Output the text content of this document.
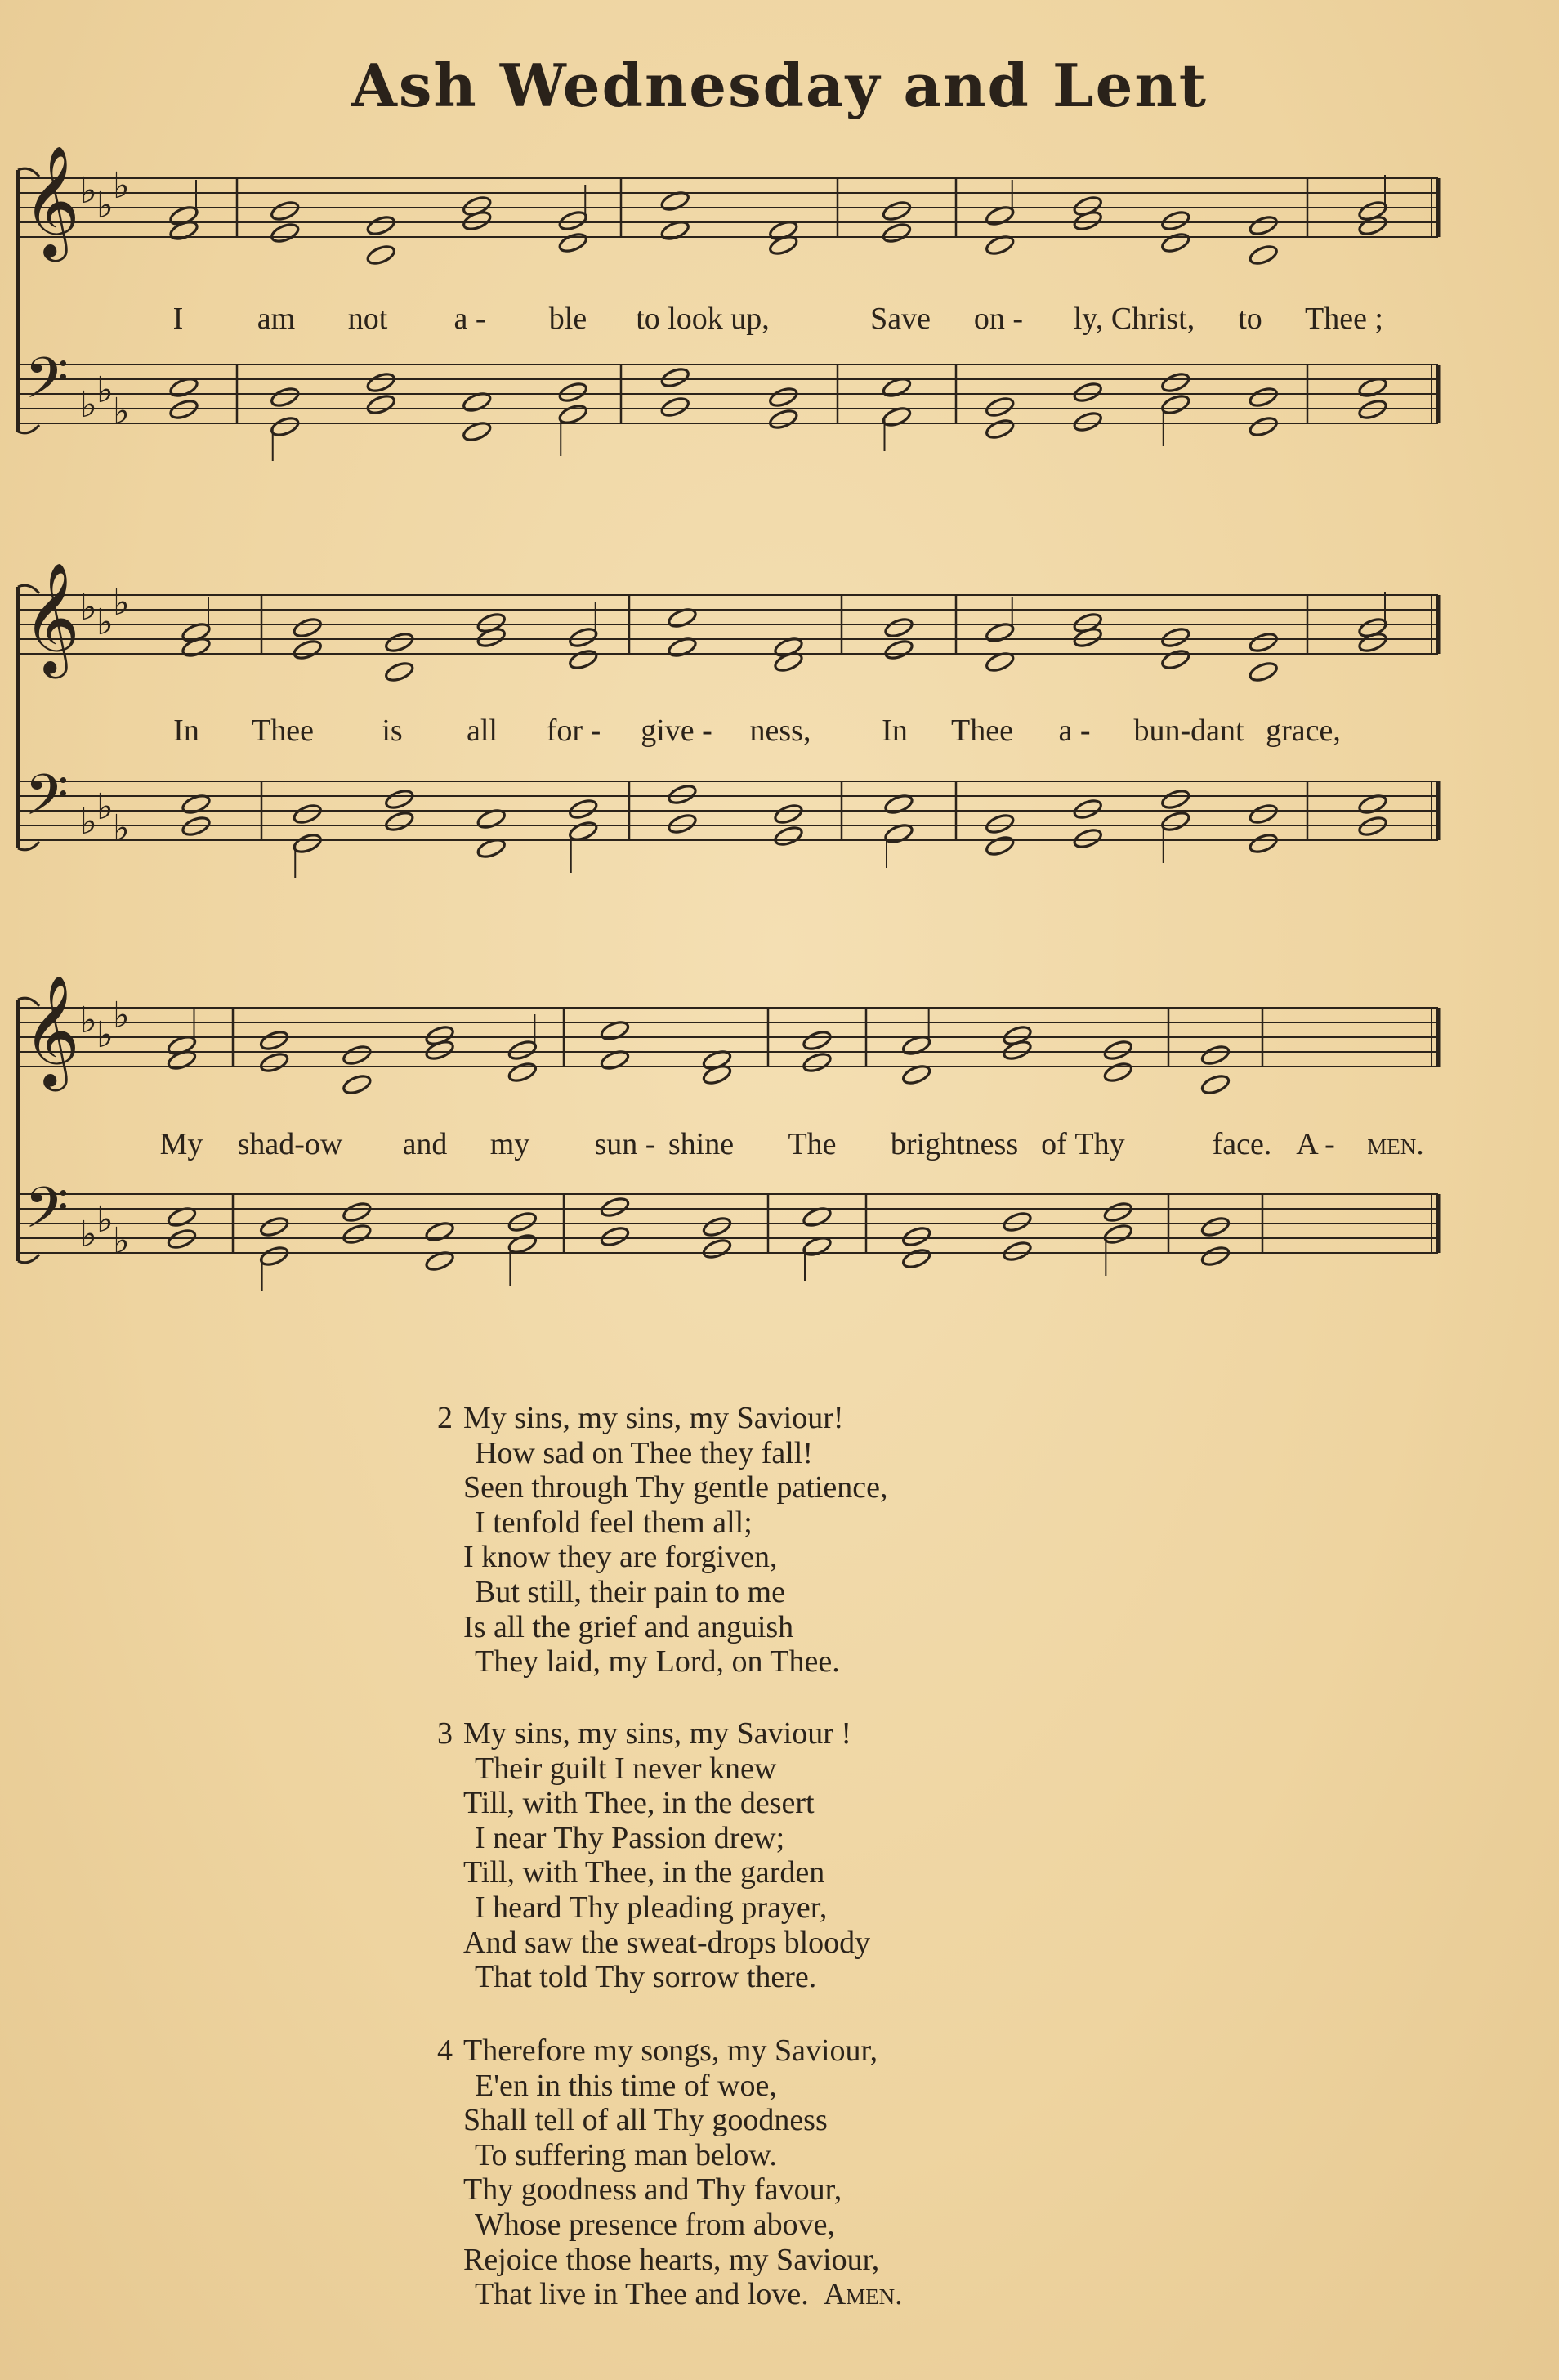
Ash Wednesday and Lent
𝄞
𝄢
♭ ♭ ♭
♭ ♭
♭
I am not a - ble to look up,	Save on - ly, Christ, to Thee ;
𝄞
𝄢
♭ ♭ ♭
♭ ♭
♭
In Thee is all for - give - ness, In Thee a - bun-dant grace,
𝄞
𝄢
♭ ♭ ♭
♭ ♭
♭
My shad-ow and my sun - shine The brightness of Thy	face. A - men.
2 My sins, my sins, my Saviour!
How sad on Thee they fall!
Seen through Thy gentle patience,
I tenfold feel them all;
I know they are forgiven,
But still, their pain to me
Is all the grief and anguish
They laid, my Lord, on Thee.
3 My sins, my sins, my Saviour !
Their guilt I never knew
Till, with Thee, in the desert
I near Thy Passion drew;
Till, with Thee, in the garden
I heard Thy pleading prayer,
And saw the sweat-drops bloody
That told Thy sorrow there.
4 Therefore my songs, my Saviour,
E'en in this time of woe,
Shall tell of all Thy goodness
To suffering man below.
Thy goodness and Thy favour,
Whose presence from above,
Rejoice those hearts, my Saviour,
That live in Thee and love. Amen.
